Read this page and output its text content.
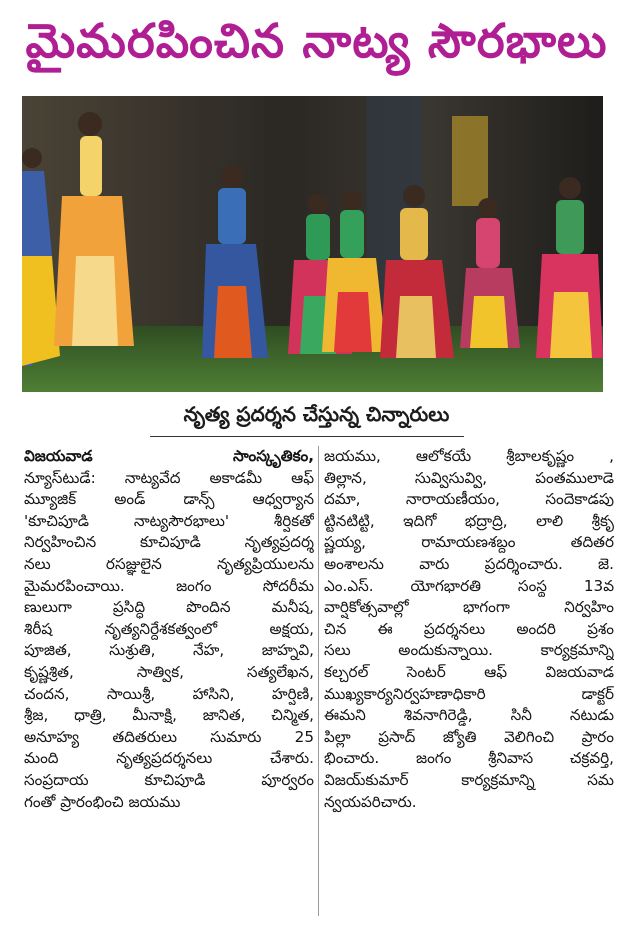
మైమరపించిన నాట్య సౌరభాలు
నృత్య ప్రదర్శన చేస్తున్న చిన్నారులు
విజయవాడ సాంస్కృతికం,
న్యూస్‌టుడే: నాట్యవేద అకాడమీ ఆఫ్
మ్యూజిక్ అండ్ డాన్స్ ఆధ్వర్యాన
'కూచిపూడి నాట్యసౌరభాలు' శీర్షికతో
నిర్వహించిన కూచిపూడి నృత్యప్రదర్శ
నలు రసజ్ఞులైన నృత్యప్రియులను
మైమరపించాయి. జంగం సోదరీమ
ణులుగా ప్రసిద్ధి పొందిన మనీష,
శిరీష నృత్యనిర్దేశకత్వంలో అక్షయ,
పూజిత, సుశ్రుతి, నేహ, జాహ్నవి,
కృష్ణశ్రిత, సాత్విక, సత్యలేఖన,
చందన, సాయిశ్రీ, హాసిని, హర్షిణి,
శ్రీజ, ధాత్రి, మీనాక్షి, జానిత, చిన్మిత,
అనూహ్య తదితరులు సుమారు 25
మంది నృత్యప్రదర్శనలు చేశారు.
సంప్రదాయ కూచిపూడి పూర్వరం
గంతో ప్రారంభించి జయము
జయము, ఆలోకయే శ్రీబాలకృష్ణం ,
తిల్లాన, సువ్విసువ్వి, పంతములాడె
దమా, నారాయణీయం, సందెకాడపు
ట్టినటిట్టి, ఇదిగో భద్రాద్రి, లాలి శ్రీకృ
ష్ణయ్య, రామాయణశబ్దం తదితర
అంశాలను వారు ప్రదర్శించారు. జె.
ఎం.ఎస్. యోగభారతి సంస్థ 13వ
వార్షికోత్సవాల్లో భాగంగా నిర్వహిం
చిన ఈ ప్రదర్శనలు అందరి ప్రశం
సలు అందుకున్నాయి. కార్యక్రమాన్ని
కల్చరల్ సెంటర్ ఆఫ్ విజయవాడ
ముఖ్యకార్యనిర్వహణాధికారి డాక్టర్
ఈమని శివనాగిరెడ్డి, సినీ నటుడు
పిల్లా ప్రసాద్ జ్యోతి వెలిగించి ప్రారం
భించారు. జంగం శ్రీనివాస చక్రవర్తి,
విజయ్‌కుమార్ కార్యక్రమాన్ని సమ
న్వయపరిచారు.
